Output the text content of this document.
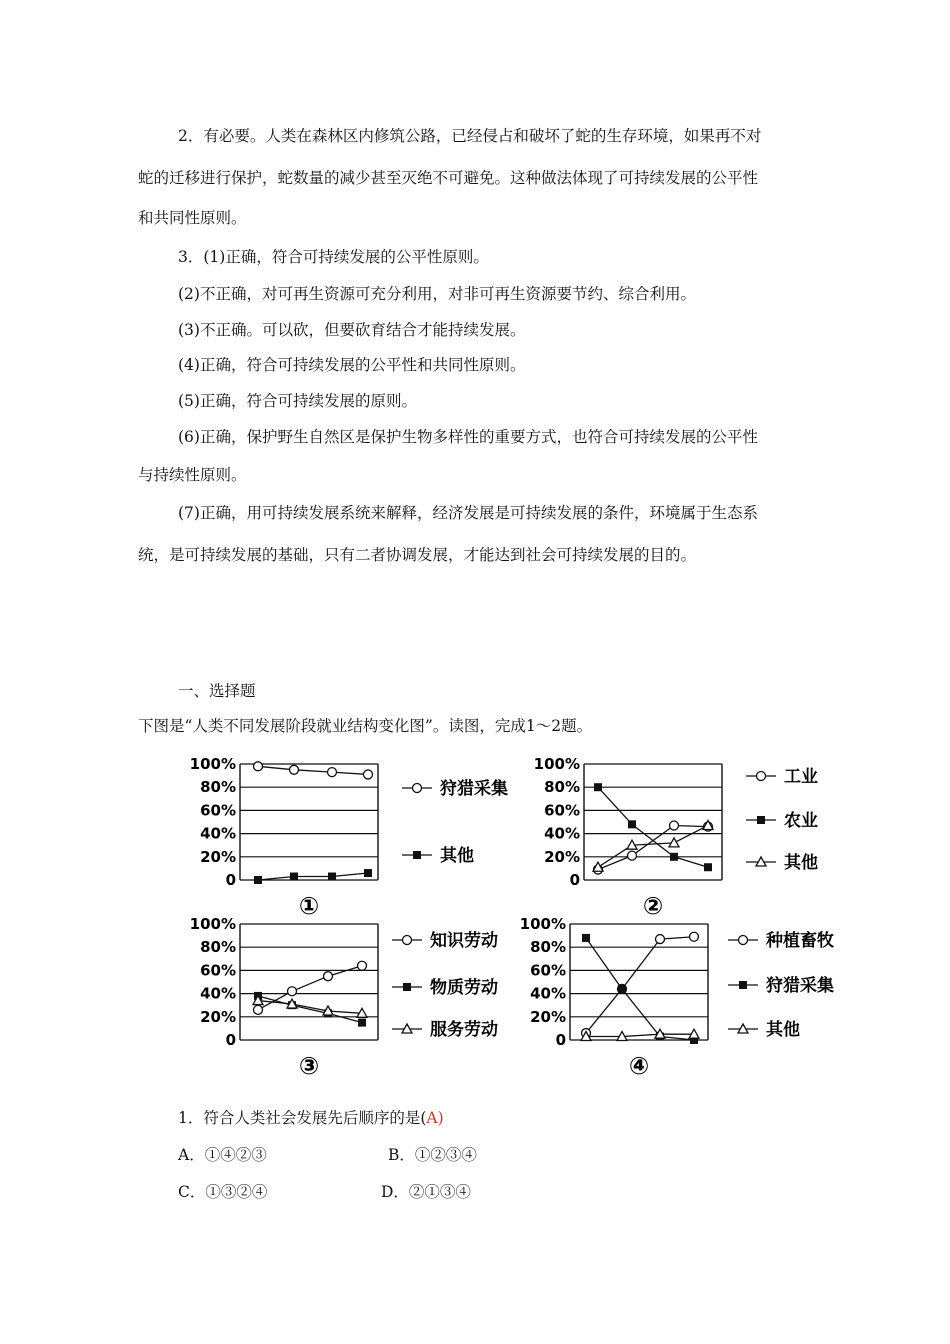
2．有必要。人类在森林区内修筑公路，已经侵占和破坏了蛇的生存环境，如果再不对

蛇的迁移进行保护，蛇数量的减少甚至灭绝不可避免。这种做法体现了可持续发展的公平性

和共同性原则。

3．(1)正确，符合可持续发展的公平性原则。

(2)不正确，对可再生资源可充分利用，对非可再生资源要节约、综合利用。

(3)不正确。可以砍，但要砍育结合才能持续发展。

(4)正确，符合可持续发展的公平性和共同性原则。

(5)正确，符合可持续发展的原则。

(6)正确，保护野生自然区是保护生物多样性的重要方式，也符合可持续发展的公平性

与持续性原则。

(7)正确，用可持续发展系统来解释，经济发展是可持续发展的条件，环境属于生态系

统，是可持续发展的基础，只有二者协调发展，才能达到社会可持续发展的目的。

一、选择题

下图是“人类不同发展阶段就业结构变化图”。读图，完成1～2题。

100%
80%
60%
40%
20%
0
狩猎采集
其他
①
100%
80%
60%
40%
20%
0
工业
农业
其他
②
100%
80%
60%
40%
20%
0
知识劳动
物质劳动
服务劳动
③
100%
80%
60%
40%
20%
0
种植畜牧
狩猎采集
其他
④

1．符合人类社会发展先后顺序的是(A)

A．①④②③	B．①②③④

C．①③②④	D．②①③④
